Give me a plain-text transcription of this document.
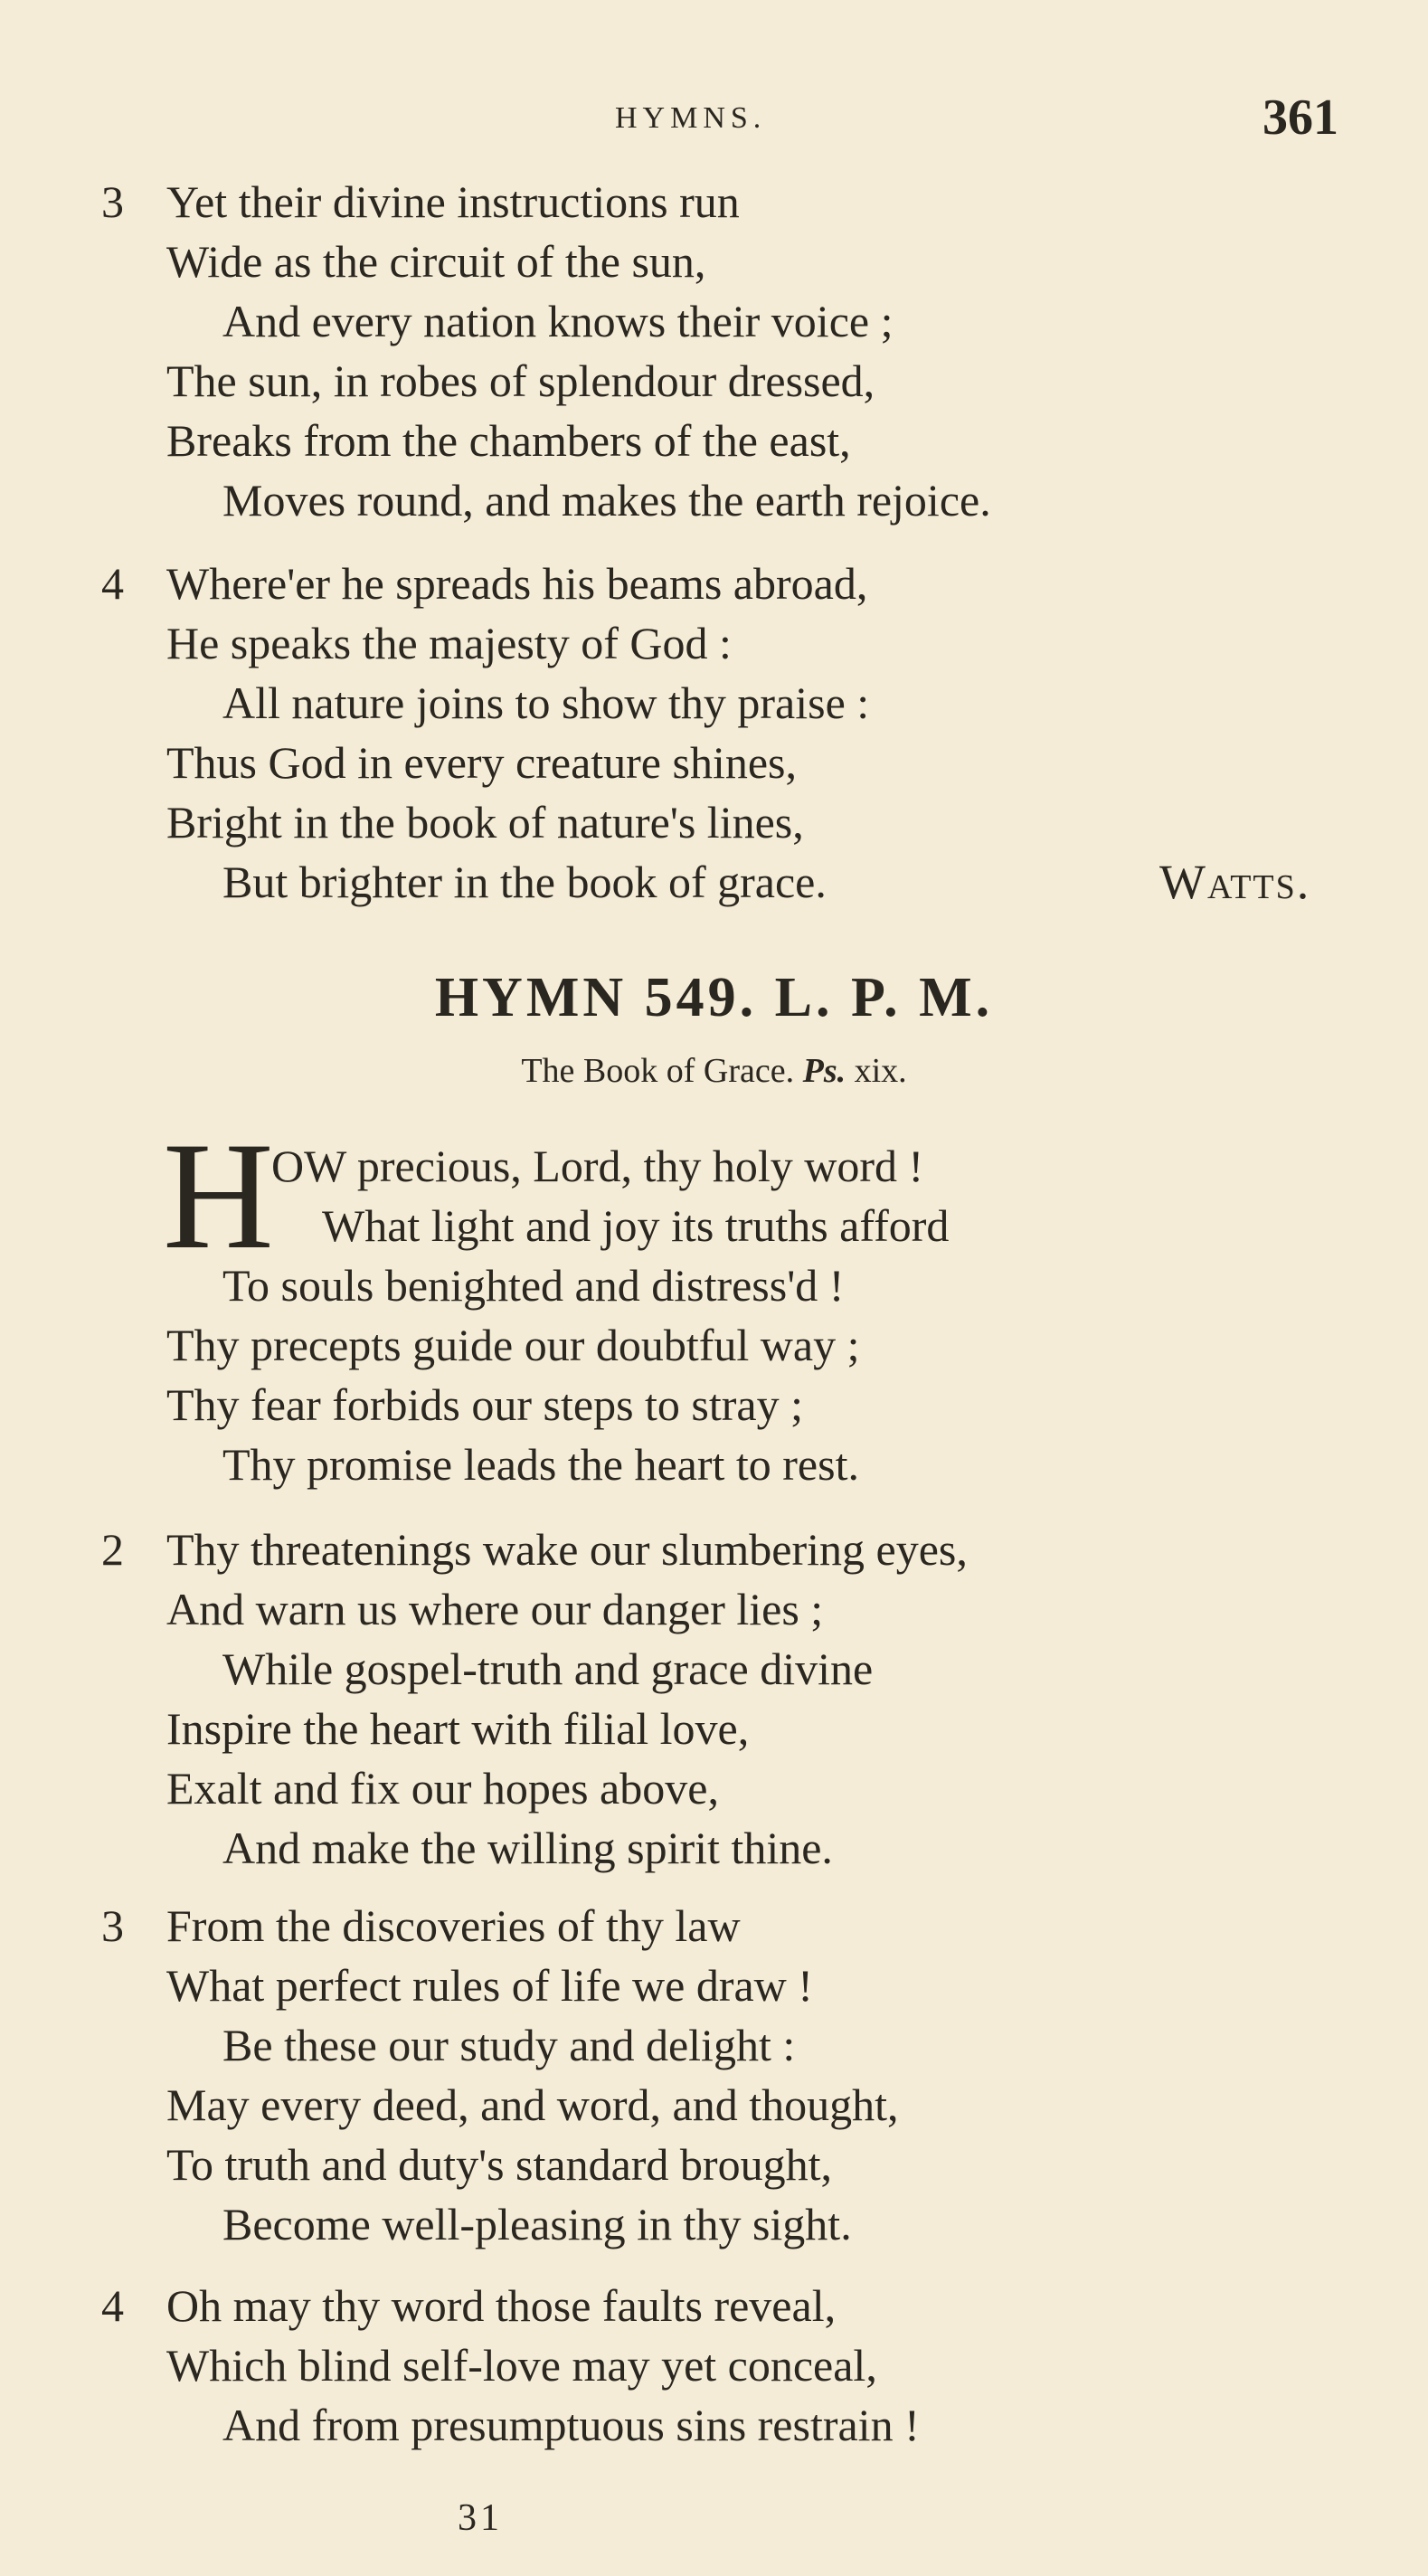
HYMNS.	361
3 Yet their divine instructions run
Wide as the circuit of the sun,
And every nation knows their voice ;
The sun, in robes of splendour dressed,
Breaks from the chambers of the east,
Moves round, and makes the earth rejoice.
4 Where'er he spreads his beams abroad,
He speaks the majesty of God :
All nature joins to show thy praise :
Thus God in every creature shines,
Bright in the book of nature's lines,
But brighter in the book of grace.	Watts.
HYMN 549. L. P. M.
The Book of Grace. Ps. xix.
H
OW precious, Lord, thy holy word !
What light and joy its truths afford
To souls benighted and distress'd !
Thy precepts guide our doubtful way ;
Thy fear forbids our steps to stray ;
Thy promise leads the heart to rest.
2 Thy threatenings wake our slumbering eyes,
And warn us where our danger lies ;
While gospel-truth and grace divine
Inspire the heart with filial love,
Exalt and fix our hopes above,
And make the willing spirit thine.
3 From the discoveries of thy law
What perfect rules of life we draw !
Be these our study and delight :
May every deed, and word, and thought,
To truth and duty's standard brought,
Become well-pleasing in thy sight.
4 Oh may thy word those faults reveal,
Which blind self-love may yet conceal,
And from presumptuous sins restrain !
31
